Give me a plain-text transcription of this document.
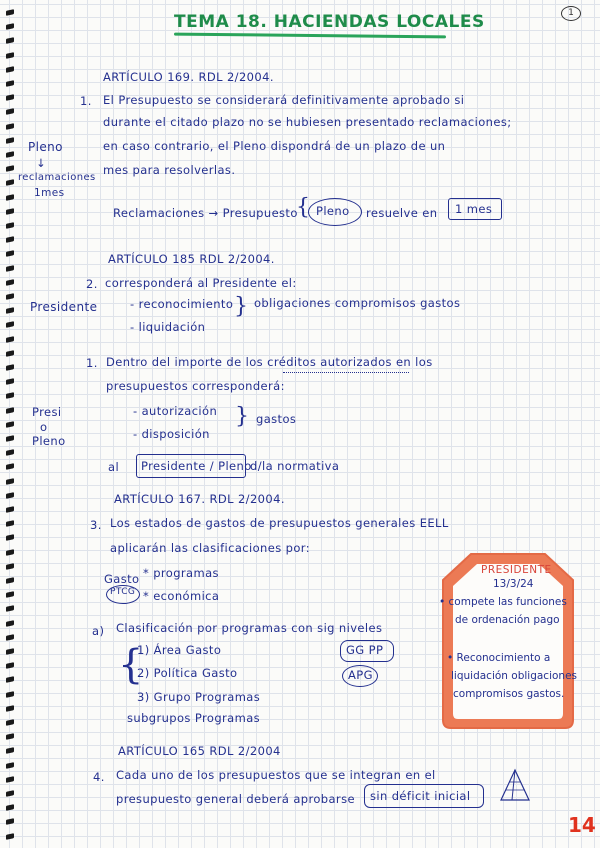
TEMA 18. HACIENDAS LOCALES	1
Pleno
↓
reclamaciones
1mes
Presidente
Presi
o
Pleno
ARTÍCULO 169. RDL 2/2004.
1. El Presupuesto se considerará definitivamente aprobado si
durante el citado plazo no se hubiesen presentado reclamaciones;
en caso contrario, el Pleno dispondrá de un plazo de un
mes para resolverlas.
Reclamaciones → Presupuesto
{ Pleno resuelve en 1 mes
ARTÍCULO 185 RDL 2/2004.
2. corresponderá al Presidente el:
- reconocimiento
- liquidación
} obligaciones compromisos gastos
1. Dentro del importe de los créditos autorizados en los
presupuestos corresponderá:
- autorización
- disposición
} gastos
al Presidente / Pleno
d/la normativa
ARTÍCULO 167. RDL 2/2004.
3. Los estados de gastos de presupuestos generales EELL
aplicarán las clasificaciones por:
Gasto
PTCG
* programas
* económica
a) Clasificación por programas con sig niveles
{
1) Área Gasto
2) Política Gasto
3) Grupo Programas
subgrupos Programas
GG PP
APG
ARTÍCULO 165 RDL 2/2004
4. Cada uno de los presupuestos que se integran en el
presupuesto general deberá aprobarse sin déficit inicial
PRESIDENTE
13/3/24
• compete las funciones
de ordenación pago
• Reconocimiento a
liquidación obligaciones
compromisos gastos.
14
